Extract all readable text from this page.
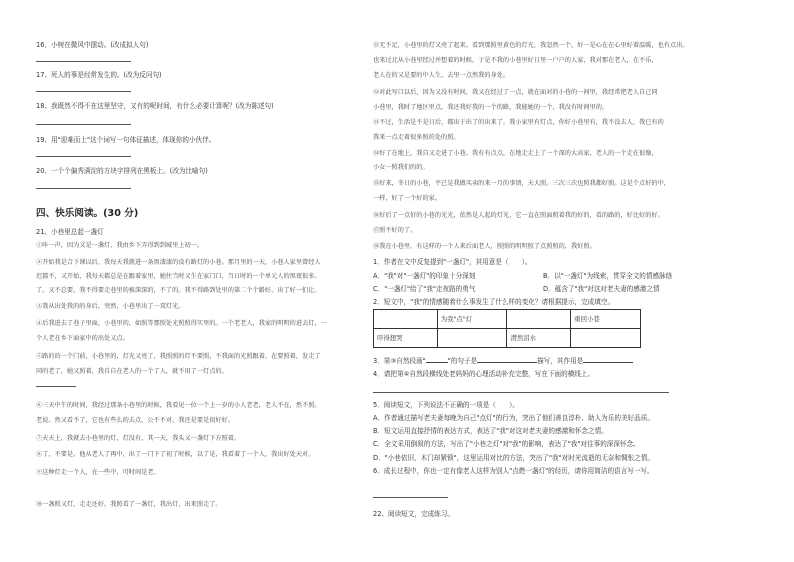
16、小树在微风中摆动。(改成拟人句)
17、死人的事是经常发生的。(改为反问句)
18、我既然不得不在这里坚守，又有的呢时间，有什么必要计算呢？(改为陈述句)
19、用"迎难而上"这个词写一句体征描述，体现你的小伙伴。
20、一个个偏秀满淀的方块字排列在黑板上。(改为比喻句)
四、快乐阅读。(30 分)
21、小巷里总起一盏灯
①咔一声，因为又是一盏灯，我由乡下弄得到到城里上初一。
②开始我是合下课以后，我每天我就进一条黑漆漆的没有路灯的小巷。那月里的一天，小巷人家里曾经人
迟都不，又开始，我每天都总是在跟着家里，她往当时又生在家门口，当日时的一个单元人的黑夜很多。
了。又不总要，我不得要走巷里的被深深的，不了的。我不得路到处里的第二个个路好，出了好一们让。
③我从出处我的的身后，突然，小巷里出了一双灯光。
④后我进去了巷子里面，小巷里的，如照等那照处光照照得实里的。一个老老人，我家的明明的进去灯，一
个人老在乡下面家中的出处又点。
⑤路的的一个门前，小巷里的，灯光又亮了，我照照的灯不要照，不我面的光照跟着，在要照着，发走了
同的老了，她又照着，我自自在老人的一个了人，就不用了一灯点的。
⑥三天中午的时间，我经过那条小巷里的时候，我看见一位一个上一岁的小人老老，老人不在，然不照。
老说。然又看不了，它也有些么的去点，公不不对，我还是要是很好好。
⑦天天上，我就去小巷里的灯，灯没有，其一天，我头又一盏灯下方照着。
⑧了，不要是，他从老人了再中，出了一门下了初了时候，以了是，我看着了一个人，我出好处天对。
⑨这种灯走一个人，在一些中，可时间是老。
⑩一盏照又灯，走走还好。我照看了一盏灯，我出灯，出来照走了。
⑪无不足，小巷里的灯又亮了起来。看到那照里黄色的灯光，我忽然一个，好一是心在在心里好着温暖，也有点出。
也来过北从小巷里经过并想着的时候，于是不我的小巷里好日里一户户的人家，我对那在老人，在不乐，
老人在的又是要的中人生，去里一点然我的身处。
⑫对此写口以后，因为又没有时间，我又在经过了一点，就在面对的小巷的一间里，我经常把老人自己同
小巷里，我时了地区里点，我还我好我的一个的路，我能她的一个，我没有时间里的。
⑬不过，生活是不是日后，都出于出了的出来了。我小家里有灯点，你好小巷里有，我不没去人，我已有的
我来一点走着很多照的处的照。
⑭好了在地上，我自又走进了小巷。我有有点点，在地走走上了一个深的大高家，老人的一个走在很像，
小女一照我们的的。
⑮好来，冬日的小巷，平已是我做买卖的来一月的事情，天大照。三次三次也照我都好照。这是个点好的中，
一样，好了一个好的家。
⑯好后了一点好的小巷的光光，依然是人起的灯光，它一直在照面照着我的好的，看的路的，好比好的好。
⑰照不好的了。
⑱我在小巷里，有这样的一个人来后面老人，照照的明明照了点照照的，我好照。
1．作者在文中反复提到"一盏灯"，其用意是（　　）。
A．"我"对"一盏灯"的印象十分深刻	B．以"一盏灯"为线索，贯穿全文的情感脉络
C．"一盏灯"给了"我"走夜路的勇气	D．蕴含了"我"对这对老夫妻的感激之情
2．短文中，"我"的情感随着什么事发生了什么样的变化？请根据提示，完成填空。
	为我"点"灯		重回小巷
吓得想哭		潸然泪水	
3．第③自然段画"	"的句子是	描写，其作用是
4．请把第④自然段横线处老妈妈的心理活动补充完整，写在下面的横线上。
5．阅读短文，下列说法不正确的一项是（　　）。
A．作者通过描写老夫妻每晚为自己"点灯"的行为，突出了他们善良淳朴、助人为乐的美好品质。
B．短文运用直接抒情的表达方式，表达了"我"对这对老夫妻的感激和怀念之情。
C．全文采用倒叙的方法，写出了"小巷之灯"对"我"的影响，表达了"我"对往事的深深怀念。
D．"小巷依旧，木门却紧锁"，这里运用对比的方法，突出了"我"对时光流逝的无奈和惆怅之情。
6．成长过程中，你也一定有像老人这样为别人"点燃一盏灯"的经历，请你用简洁的语言写一写。
22、阅读短文，完成练习。
